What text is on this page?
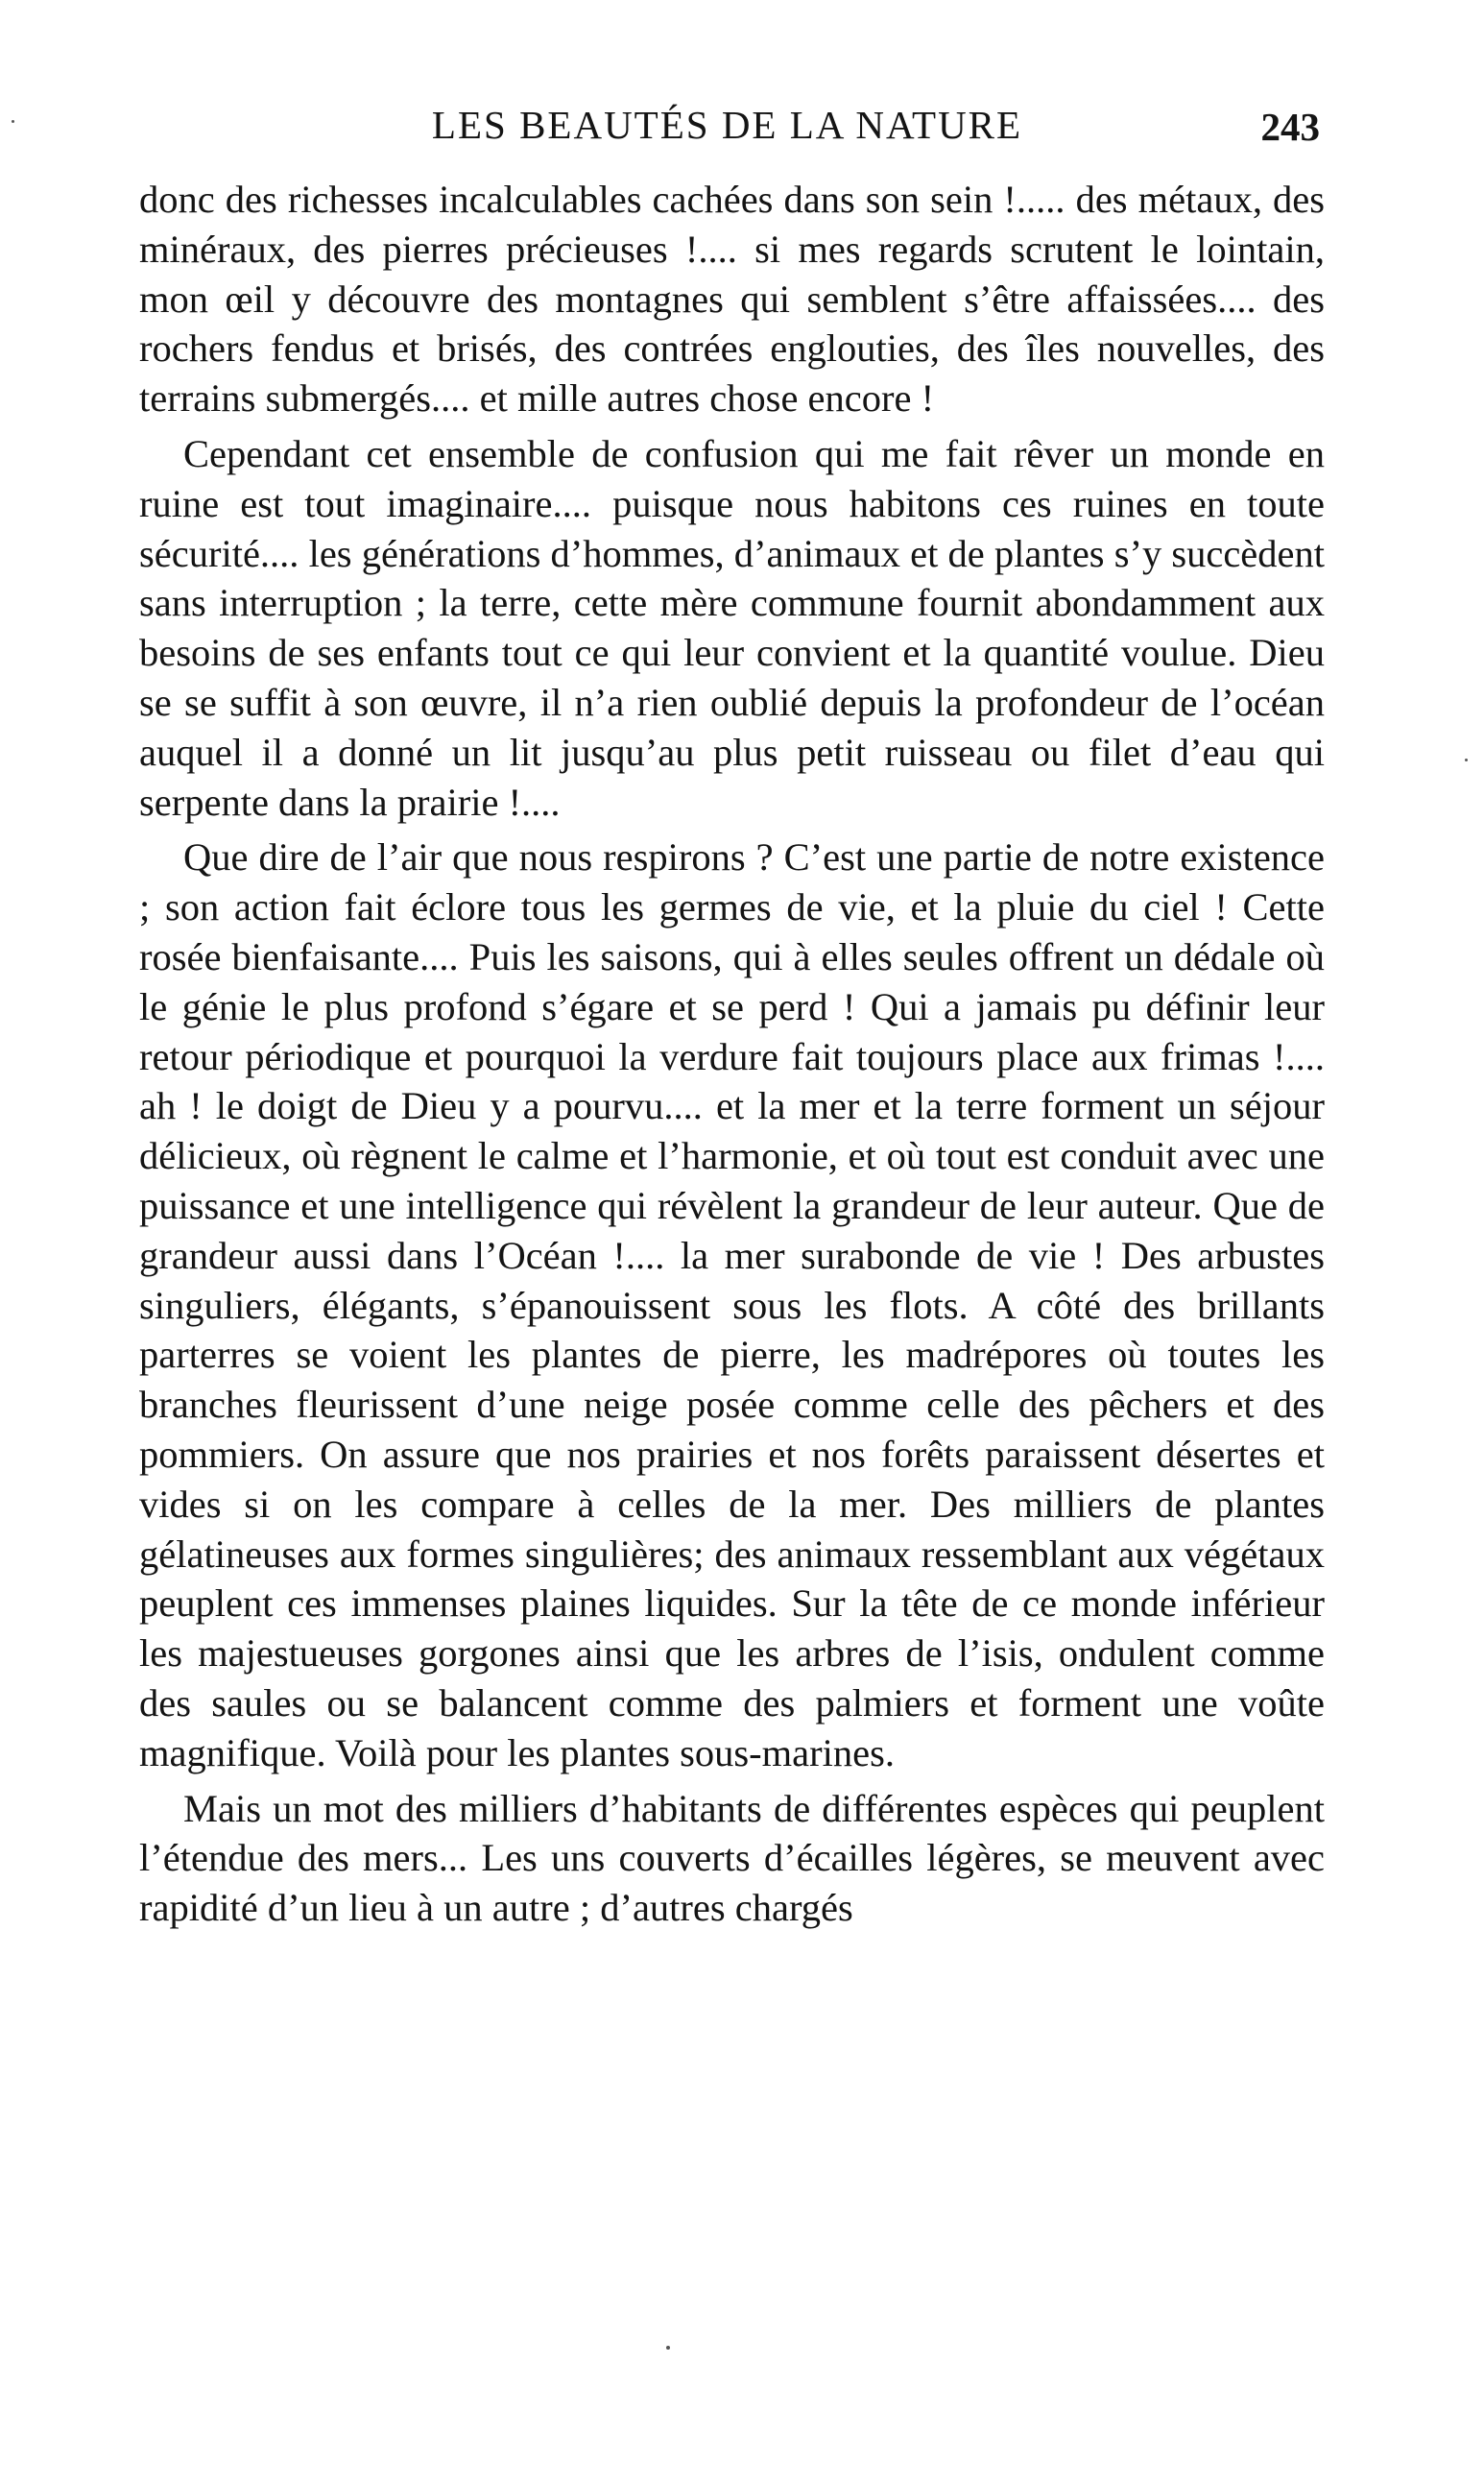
LES BEAUTÉS DE LA NATURE	243

donc des richesses incalculables cachées dans son sein !..... des métaux, des minéraux, des pierres précieuses !.... si mes regards scrutent le lointain, mon œil y découvre des montagnes qui semblent s’être affaissées.... des rochers fendus et brisés, des contrées englouties, des îles nouvelles, des terrains submergés.... et mille autres chose encore !

Cependant cet ensemble de confusion qui me fait rêver un monde en ruine est tout imaginaire.... puisque nous habitons ces ruines en toute sécurité.... les générations d’hommes, d’animaux et de plantes s’y succèdent sans interruption ; la terre, cette mère commune fournit abondamment aux besoins de ses enfants tout ce qui leur convient et la quantité voulue. Dieu se se suffit à son œuvre, il n’a rien oublié depuis la profondeur de l’océan auquel il a donné un lit jusqu’au plus petit ruisseau ou filet d’eau qui serpente dans la prairie !....

Que dire de l’air que nous respirons ? C’est une partie de notre existence ; son action fait éclore tous les germes de vie, et la pluie du ciel ! Cette rosée bienfaisante.... Puis les saisons, qui à elles seules offrent un dédale où le génie le plus profond s’égare et se perd ! Qui a jamais pu définir leur retour périodique et pourquoi la verdure fait toujours place aux frimas !.... ah ! le doigt de Dieu y a pourvu.... et la mer et la terre forment un séjour délicieux, où règnent le calme et l’harmonie, et où tout est conduit avec une puissance et une intelligence qui révèlent la grandeur de leur auteur. Que de grandeur aussi dans l’Océan !.... la mer surabonde de vie ! Des arbustes singuliers, élégants, s’épanouissent sous les flots. A côté des brillants parterres se voient les plantes de pierre, les madrépores où toutes les branches fleurissent d’une neige posée comme celle des pêchers et des pommiers. On assure que nos prairies et nos forêts paraissent désertes et vides si on les compare à celles de la mer. Des milliers de plantes gélatineuses aux formes singulières; des animaux ressemblant aux végétaux peuplent ces immenses plaines liquides. Sur la tête de ce monde inférieur les majestueuses gorgones ainsi que les arbres de l’isis, ondulent comme des saules ou se balancent comme des palmiers et forment une voûte magnifique. Voilà pour les plantes sous-marines.

Mais un mot des milliers d’habitants de différentes espèces qui peuplent l’étendue des mers... Les uns couverts d’écailles légères, se meuvent avec rapidité d’un lieu à un autre ; d’autres chargés
